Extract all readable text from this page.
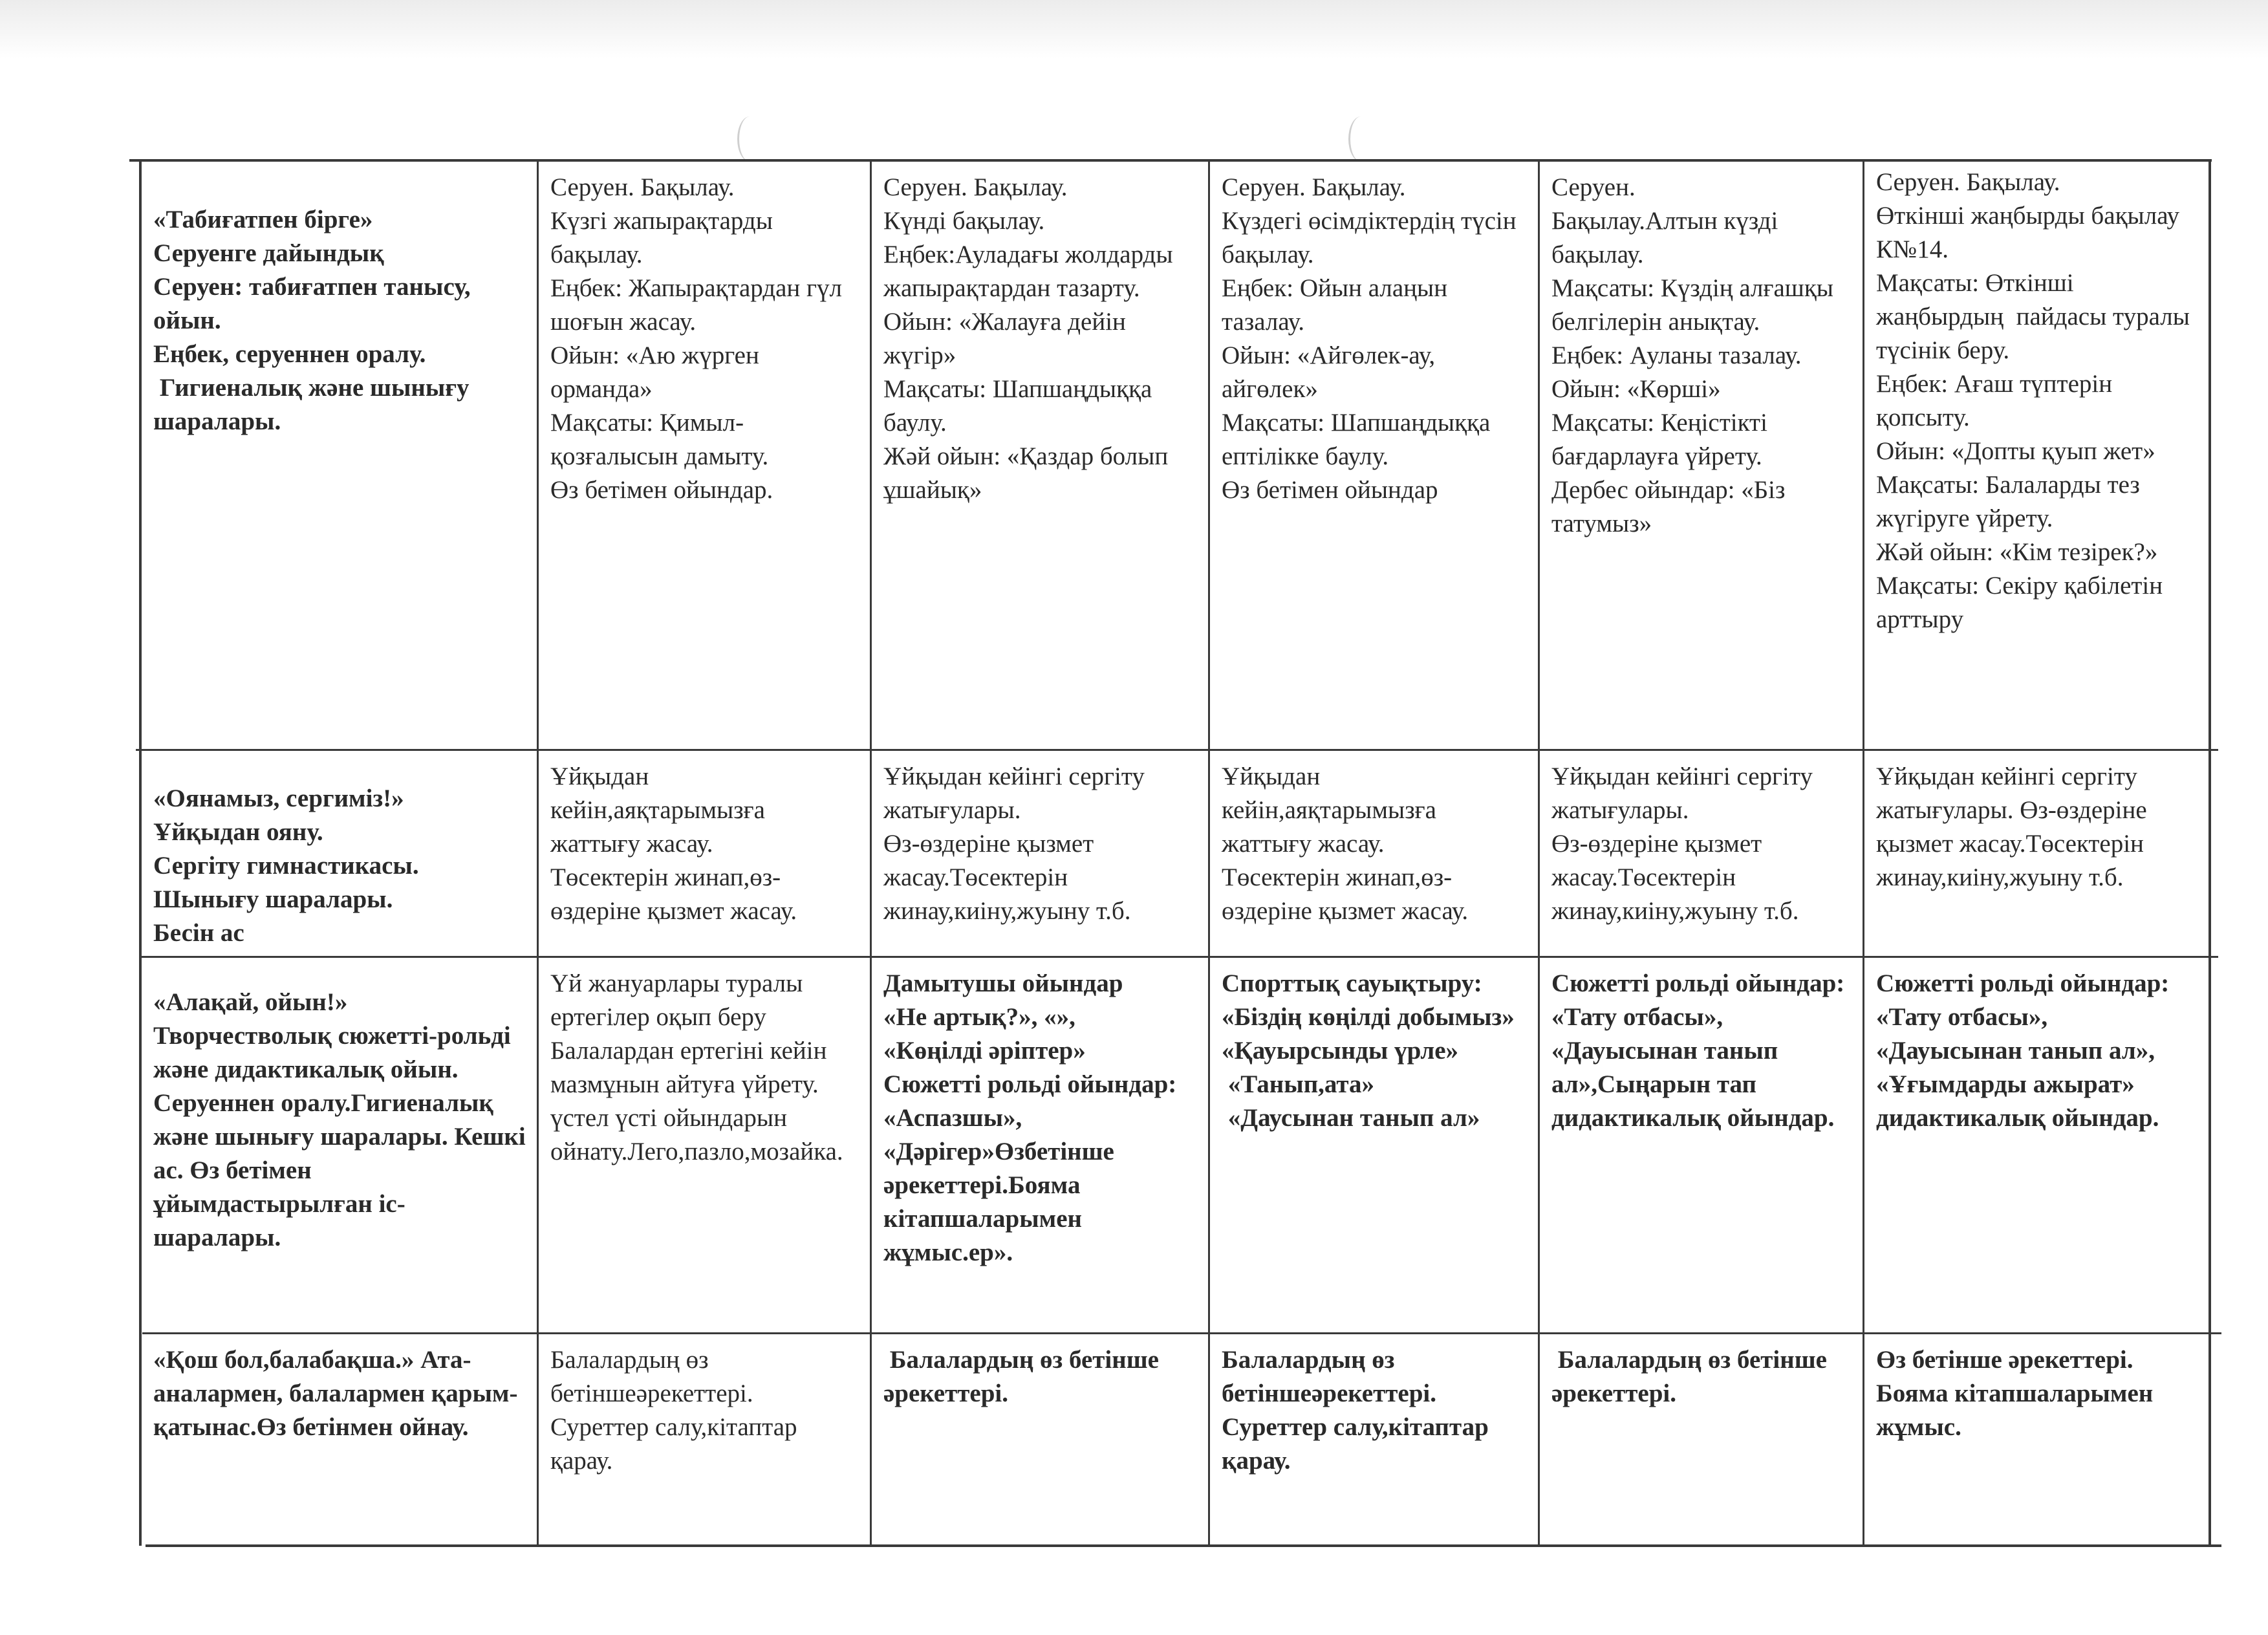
«Табиғатпен бірге»
Серуенге дайындық
Серуен: табиғатпен танысу, ойын.
Еңбек, серуеннен оралу.
Гигиеналық және шынығу шаралары.
Серуен. Бақылау.
Күзгі жапырақтарды бақылау.
Еңбек: Жапырақтардан гүл шоғын жасау.
Ойын: «Аю жүрген орманда»
Мақсаты: Қимыл-қозғалысын дамыту.
Өз бетімен ойындар.
Серуен. Бақылау.
Күнді бақылау.
Еңбек:Ауладағы жолдарды жапырақтардан тазарту.
Ойын: «Жалауға дейін жүгір»
Мақсаты: Шапшаңдыққа баулу.
Жәй ойын: «Қаздар болып ұшайық»
Серуен. Бақылау.
Күздегі өсімдіктердің түсін бақылау.
Еңбек: Ойын алаңын тазалау.
Ойын: «Айгөлек-ау, айгөлек»
Мақсаты: Шапшаңдыққа ептілікке баулу.
Өз бетімен ойындар
Серуен.
Бақылау.Алтын күзді бақылау.
Мақсаты: Күздің алғашқы белгілерін анықтау.
Еңбек: Ауланы тазалау.
Ойын: «Көрші»
Мақсаты: Кеңістікті бағдарлауға үйрету.
Дербес ойындар: «Біз татумыз»
Серуен. Бақылау.
Өткінші жаңбырды бақылау
К№14.
Мақсаты: Өткінші жаңбырдың  пайдасы туралы түсінік беру.
Еңбек: Ағаш түптерін қопсыту.
Ойын: «Допты қуып жет»
Мақсаты: Балаларды тез жүгіруге үйрету.
Жәй ойын: «Кім тезірек?»
Мақсаты: Секіру қабілетін арттыру
«Оянамыз, сергиміз!»
Ұйқыдан ояну.
Сергіту гимнастикасы.
Шынығу шаралары.
Бесін ас
Ұйқыдан кейін,аяқтарымызға жаттығу жасау.
Төсектерін жинап,өз-өздеріне қызмет жасау.
Ұйқыдан кейінгі сергіту жатығулары.
Өз-өздеріне қызмет жасау.Төсектерін жинау,киіну,жуыну т.б.
Ұйқыдан кейін,аяқтарымызға жаттығу жасау.
Төсектерін жинап,өз-өздеріне қызмет жасау.
Ұйқыдан кейінгі сергіту жатығулары.
Өз-өздеріне қызмет жасау.Төсектерін жинау,киіну,жуыну т.б.
Ұйқыдан кейінгі сергіту жатығулары. Өз-өздеріне қызмет жасау.Төсектерін жинау,киіну,жуыну т.б.
«Алақай, ойын!»
Творчестволық сюжетті-рольді және дидактикалық ойын.
Серуеннен оралу.Гигиеналық және шынығу шаралары. Кешкі ас. Өз бетімен ұйымдастырылған іс-шаралары.
Үй жануарлары туралы ертегілер оқып беру Балалардан ертегіні кейін мазмұнын айтуға үйрету.
үстел үсті ойындарын ойнату.Лего,пазло,мозайка.
Дамытушы ойындар
«Не артық?», «»,
«Көңілді әріптер»
Сюжетті рольді ойындар: «Аспазшы», «Дәрігер»Өзбетінше әрекеттері.Бояма кітапшаларымен жұмыс.ер».
Спорттық сауықтыру:
«Біздің көңілді добымыз»
«Қауырсынды үрле»
«Танып,ата»
«Даусынан танып ал»
Сюжетті рольді ойындар: «Тату отбасы», «Дауысынан танып ал»,Сыңарын тап дидактикалық ойындар.
Сюжетті рольді ойындар: «Тату отбасы», «Дауысынан танып ал», «Ұғымдарды ажырат» дидактикалық ойындар.
«Қош бол,балабақша.» Ата-аналармен, балалармен қарым-қатынас.Өз бетінмен ойнау.
Балалардың өз бетіншеәрекеттері.
Суреттер салу,кітаптар қарау.
Балалардың өз бетінше әрекеттері.
Балалардың өз бетіншеәрекеттері.
Суреттер салу,кітаптар қарау.
Балалардың өз бетінше әрекеттері.
Өз бетінше әрекеттері. Бояма кітапшаларымен жұмыс.
